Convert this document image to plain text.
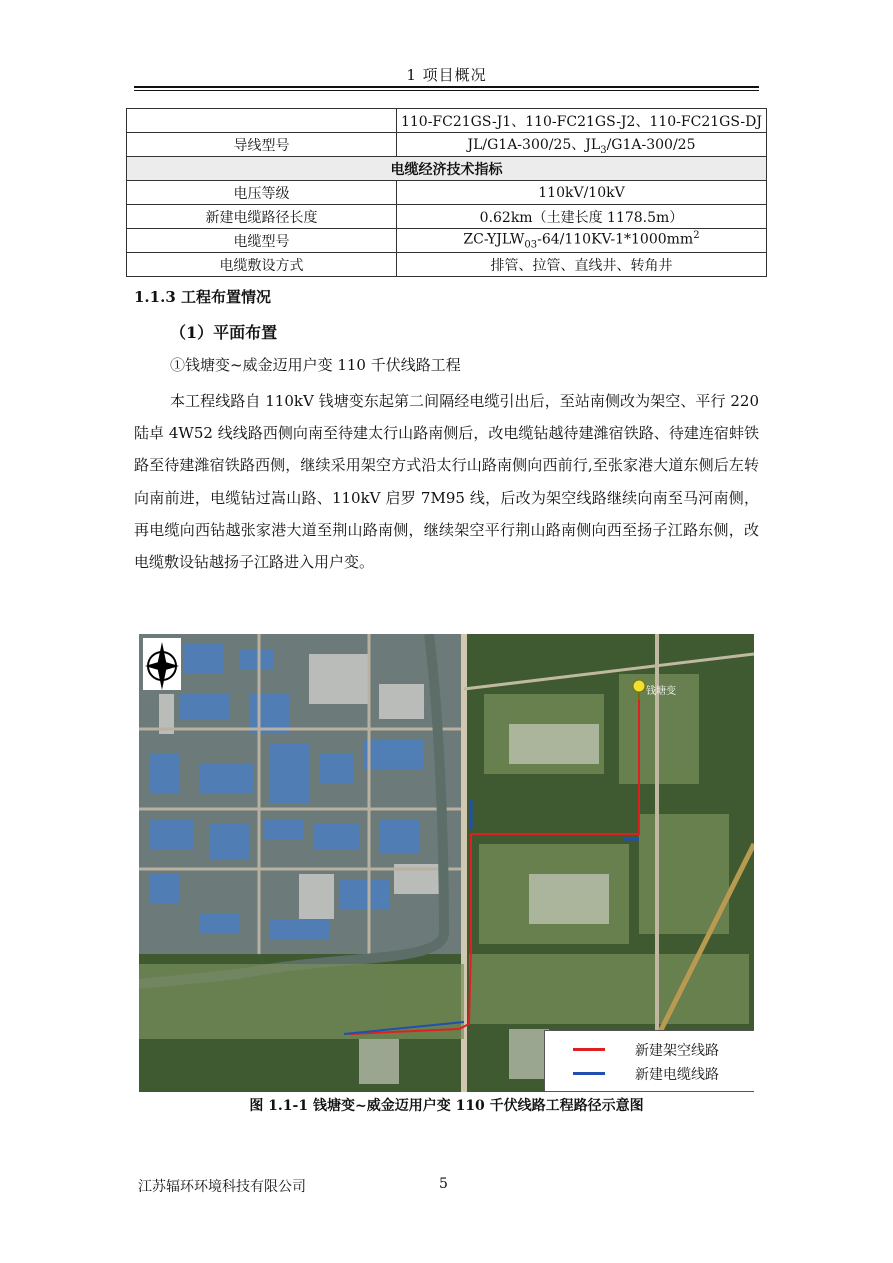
1 项目概况
	110-FC21GS-J1、110-FC21GS-J2、110-FC21GS-DJ
导线型号	JL/G1A-300/25、$JL_3/G1A-300/25$
电缆经济技术指标	
电压等级	110kV/10kV
新建电缆路径长度	0.62km（土建长度 1178.5m）
电缆型号	$ZC-YJLW_{03}-64/110KV-1*1000mm^2$
电缆敷设方式	排管、拉管、直线井、转角井
1.1.3 工程布置情况
（1）平面布置
①钱塘变~威金迈用户变 110 千伏线路工程

本工程线路自 110kV 钱塘变东起第二间隔经电缆引出后，至站南侧改为架空、平行 220 陆卓 4W52 线线路西侧向南至待建太行山路南侧后，改电缆钻越待建潍宿铁路、待建连宿蚌铁路至待建潍宿铁路西侧，继续采用架空方式沿太行山路南侧向西前行,至张家港大道东侧后左转向南前进，电缆钻过嵩山路、110kV 启罗 7M95 线，后改为架空线路继续向南至马河南侧，再电缆向西钻越张家港大道至荆山路南侧，继续架空平行荆山路南侧向西至扬子江路东侧，改电缆敷设钻越扬子江路进入用户变。

钱塘变
新建架空线路
新建电缆线路
图 1.1-1 钱塘变~威金迈用户变 110 千伏线路工程路径示意图
江苏辐环环境科技有限公司	5
